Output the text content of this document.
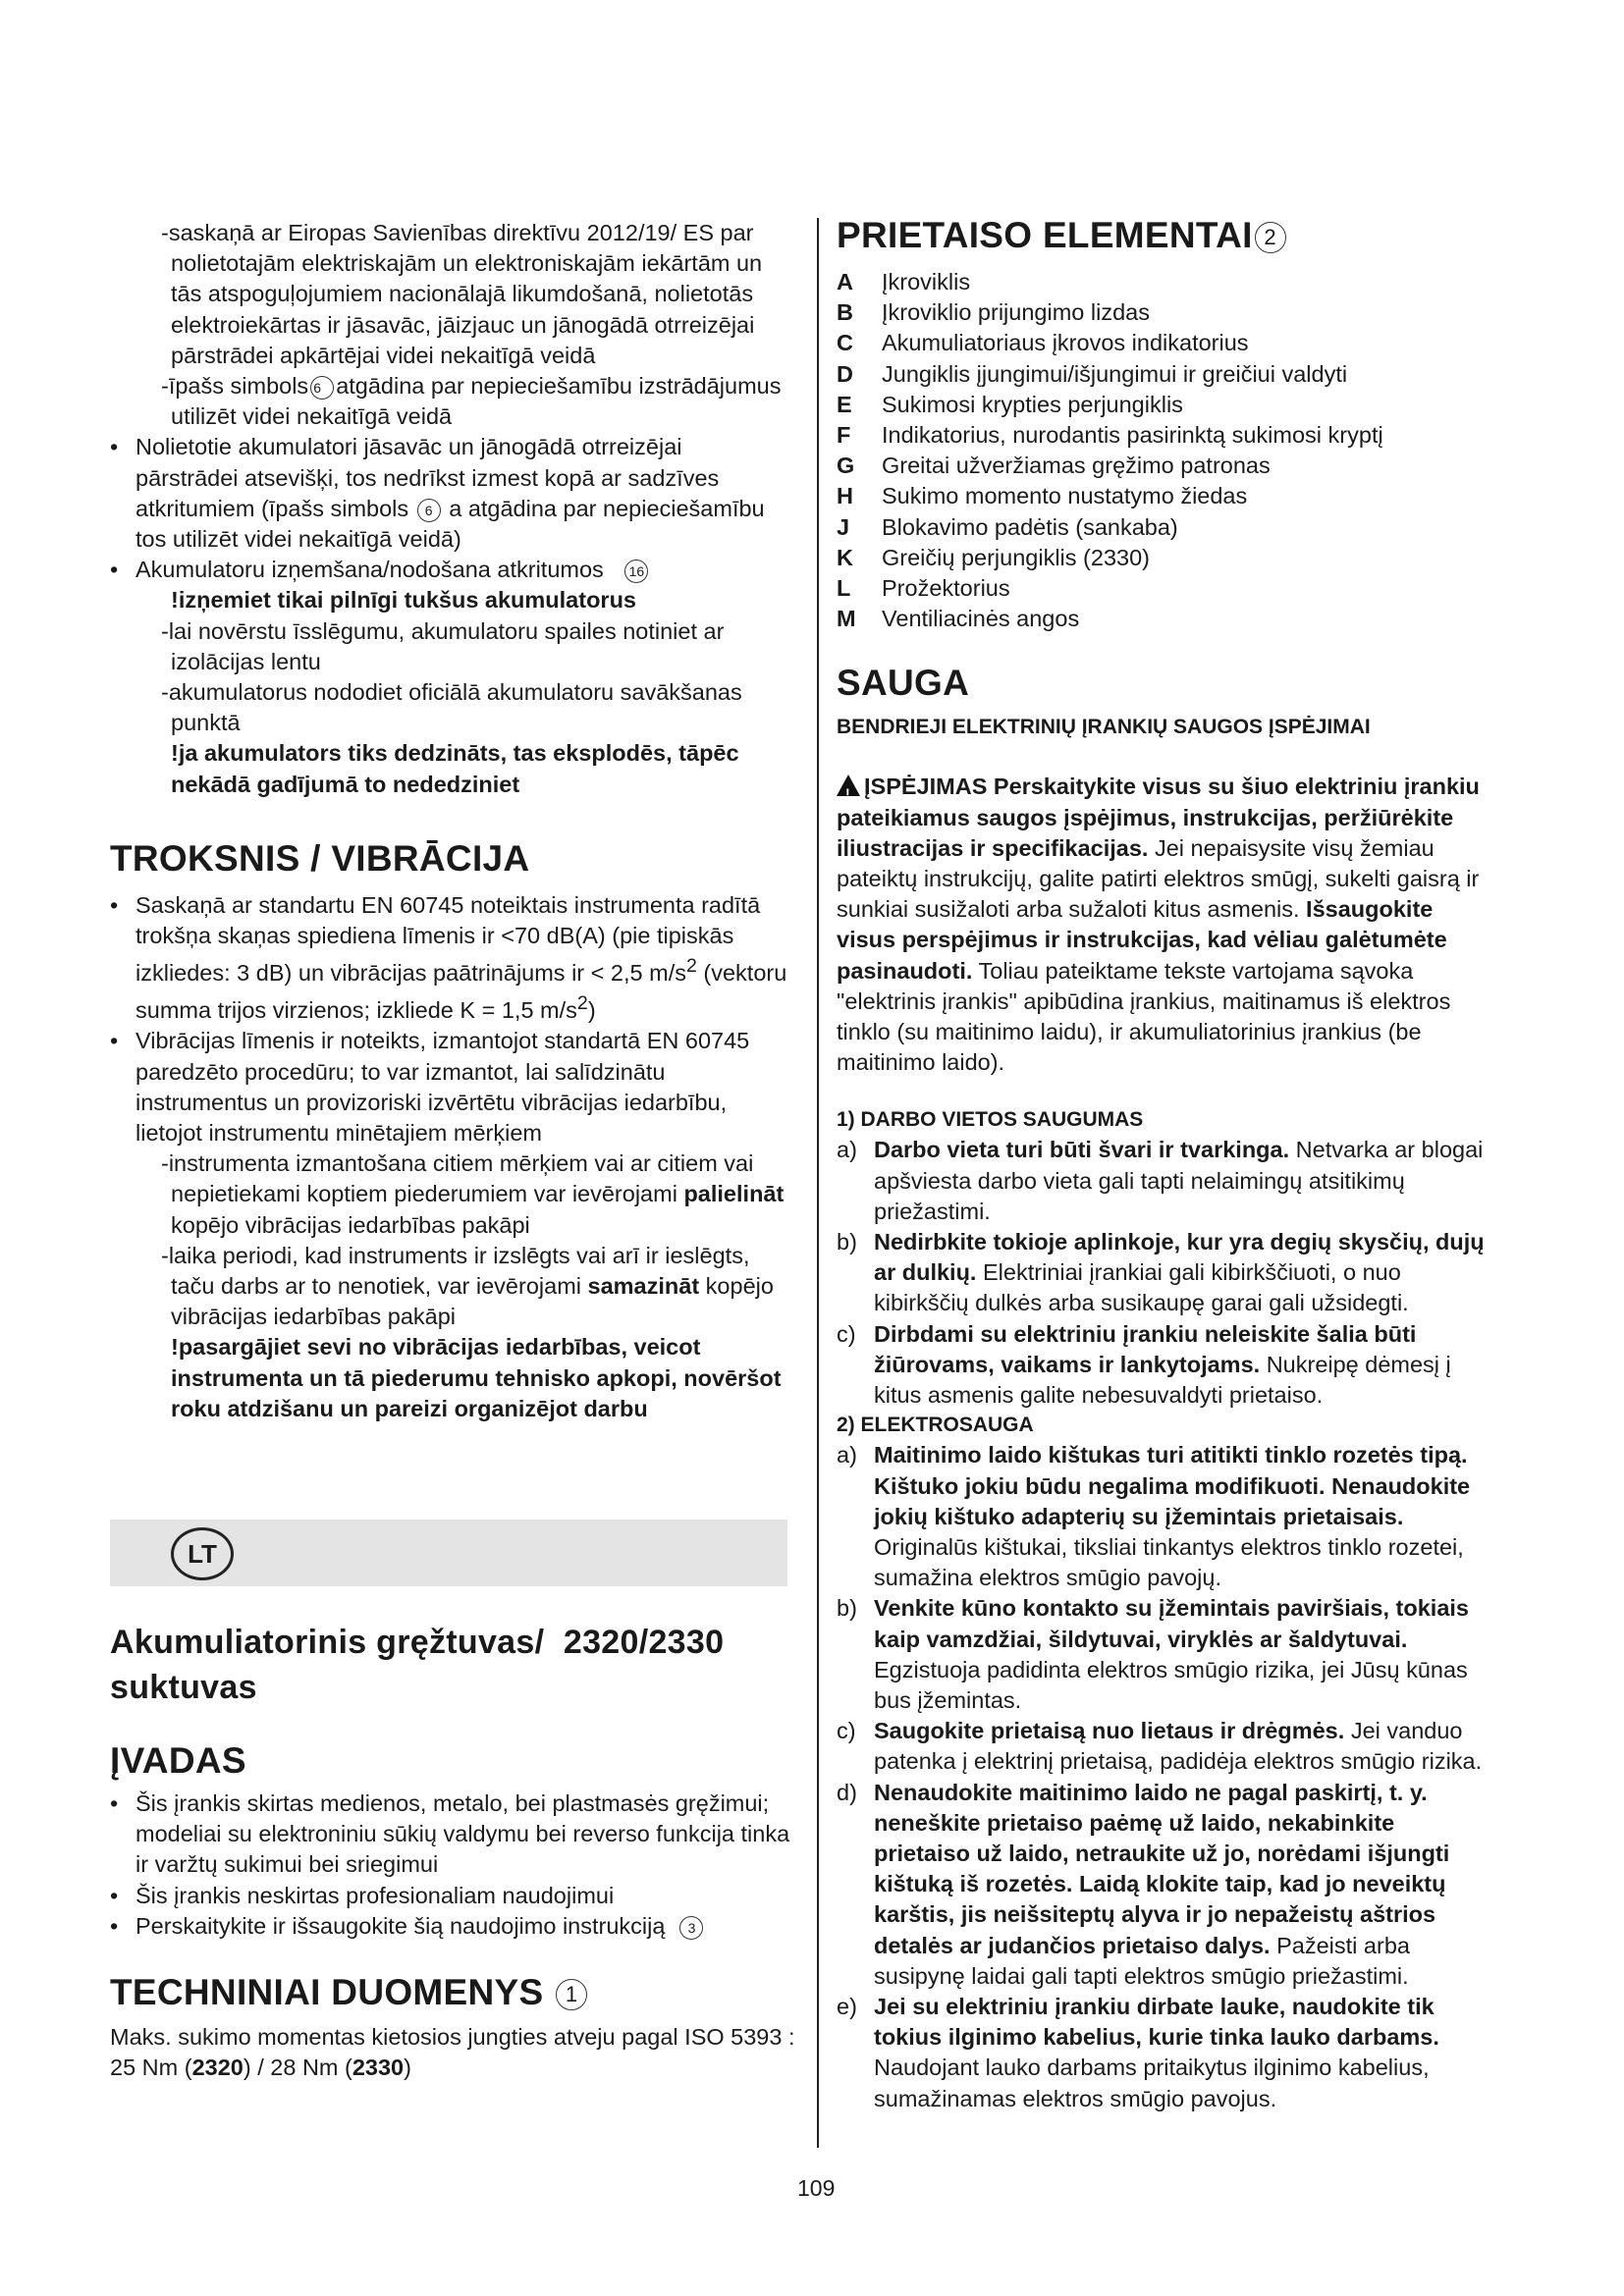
-saskaņā ar Eiropas Savienības direktīvu 2012/19/ ES par nolietotajām elektriskajām un elektroniskajām iekārtām un tās atspoguļojumiem nacionālajā likumdošanā, nolietotās elektroiekārtas ir jāsavāc, jāizjauc un jānogādā otrreizējai pārstrādei apkārtējai videi nekaitīgā veidā

-īpašs simbols 6 atgādina par nepieciešamību izstrādājumus utilizēt videi nekaitīgā veidā

• Nolietotie akumulatori jāsavāc un jānogādā otrreizējai pārstrādei atsevišķi, tos nedrīkst izmest kopā ar sadzīves atkritumiem (īpašs simbols 6 a atgādina par nepieciešamību tos utilizēt videi nekaitīgā veidā)

• Akumulatoru izņemšana/nodošana atkritumos 16

!izņemiet tikai pilnīgi tukšus akumulatorus

-lai novērstu īsslēgumu, akumulatoru spailes notiniet ar izolācijas lentu

-akumulatorus nododiet oficiālā akumulatoru savākšanas punktā

!ja akumulators tiks dedzināts, tas eksplodēs, tāpēc nekādā gadījumā to nededziniet

TROKSNIS / VIBRĀCIJA

• Saskaņā ar standartu EN 60745 noteiktais instrumenta radītā trokšņa skaņas spiediena līmenis ir <70 dB(A) (pie tipiskās izkliedes: 3 dB) un vibrācijas paātrinājums ir < 2,5 $m/s^2$ (vektoru summa trijos virzienos; izkliede K = 1,5 $m/s^2$)

• Vibrācijas līmenis ir noteikts, izmantojot standartā EN 60745 paredzēto procedūru; to var izmantot, lai salīdzinātu instrumentus un provizoriski izvērtētu vibrācijas iedarbību, lietojot instrumentu minētajiem mērķiem

-instrumenta izmantošana citiem mērķiem vai ar citiem vai nepietiekami koptiem piederumiem var ievērojami palielināt kopējo vibrācijas iedarbības pakāpi

-laika periodi, kad instruments ir izslēgts vai arī ir ieslēgts, taču darbs ar to nenotiek, var ievērojami samazināt kopējo vibrācijas iedarbības pakāpi

!pasargājiet sevi no vibrācijas iedarbības, veicot instrumenta un tā piederumu tehnisko apkopi, novēršot roku atdzišanu un pareizi organizējot darbu

LT
Akumuliatorinis gręžtuvas/ 2320/2330
suktuvas
ĮVADAS

• Šis įrankis skirtas medienos, metalo, bei plastmasės gręžimui; modeliai su elektroniniu sūkių valdymu bei reverso funkcija tinka ir varžtų sukimui bei sriegimui

• Šis įrankis neskirtas profesionaliam naudojimui

• Perskaitykite ir išsaugokite šią naudojimo instrukciją 3

TECHNINIAI DUOMENYS 1

Maks. sukimo momentas kietosios jungties atveju pagal ISO 5393 : 25 Nm (2320) / 28 Nm (2330)

PRIETAISO ELEMENTAI 2
A	Įkroviklis
B	Įkroviklio prijungimo lizdas
C	Akumuliatoriaus įkrovos indikatorius
D	Jungiklis įjungimui/išjungimui ir greičiui valdyti
E	Sukimosi krypties perjungiklis
F	Indikatorius, nurodantis pasirinktą sukimosi kryptį
G	Greitai užveržiamas gręžimo patronas
H	Sukimo momento nustatymo žiedas
J	Blokavimo padėtis (sankaba)
K	Greičių perjungiklis (2330)
L	Prožektorius
M	Ventiliacinės angos
SAUGA
BENDRIEJI ELEKTRINIŲ ĮRANKIŲ SAUGOS ĮSPĖJIMAI

! ĮSPĖJIMAS Perskaitykite visus su šiuo elektriniu įrankiu pateikiamus saugos įspėjimus, instrukcijas, peržiūrėkite iliustracijas ir specifikacijas. Jei nepaisysite visų žemiau pateiktų instrukcijų, galite patirti elektros smūgį, sukelti gaisrą ir sunkiai susižaloti arba sužaloti kitus asmenis. Išsaugokite visus perspėjimus ir instrukcijas, kad vėliau galėtumėte pasinaudoti. Toliau pateiktame tekste vartojama sąvoka "elektrinis įrankis" apibūdina įrankius, maitinamus iš elektros tinklo (su maitinimo laidu), ir akumuliatorinius įrankius (be maitinimo laido).

1) DARBO VIETOS SAUGUMAS

a) Darbo vieta turi būti švari ir tvarkinga. Netvarka ar blogai apšviesta darbo vieta gali tapti nelaimingų atsitikimų priežastimi.

b) Nedirbkite tokioje aplinkoje, kur yra degių skysčių, dujų ar dulkių. Elektriniai įrankiai gali kibirkščiuoti, o nuo kibirkščių dulkės arba susikaupę garai gali užsidegti.

c) Dirbdami su elektriniu įrankiu neleiskite šalia būti žiūrovams, vaikams ir lankytojams. Nukreipę dėmesį į kitus asmenis galite nebesuvaldyti prietaiso.

2) ELEKTROSAUGA

a) Maitinimo laido kištukas turi atitikti tinklo rozetės tipą. Kištuko jokiu būdu negalima modifikuoti. Nenaudokite jokių kištuko adapterių su įžemintais prietaisais. Originalūs kištukai, tiksliai tinkantys elektros tinklo rozetei, sumažina elektros smūgio pavojų.

b) Venkite kūno kontakto su įžemintais paviršiais, tokiais kaip vamzdžiai, šildytuvai, viryklės ar šaldytuvai. Egzistuoja padidinta elektros smūgio rizika, jei Jūsų kūnas bus įžemintas.

c) Saugokite prietaisą nuo lietaus ir drėgmės. Jei vanduo patenka į elektrinį prietaisą, padidėja elektros smūgio rizika.

d) Nenaudokite maitinimo laido ne pagal paskirtį, t. y. neneškite prietaiso paėmę už laido, nekabinkite prietaiso už laido, netraukite už jo, norėdami išjungti kištuką iš rozetės. Laidą klokite taip, kad jo neveiktų karštis, jis neišsiteptų alyva ir jo nepažeistų aštrios detalės ar judančios prietaiso dalys. Pažeisti arba susipynę laidai gali tapti elektros smūgio priežastimi.

e) Jei su elektriniu įrankiu dirbate lauke, naudokite tik tokius ilginimo kabelius, kurie tinka lauko darbams. Naudojant lauko darbams pritaikytus ilginimo kabelius, sumažinamas elektros smūgio pavojus.

109
